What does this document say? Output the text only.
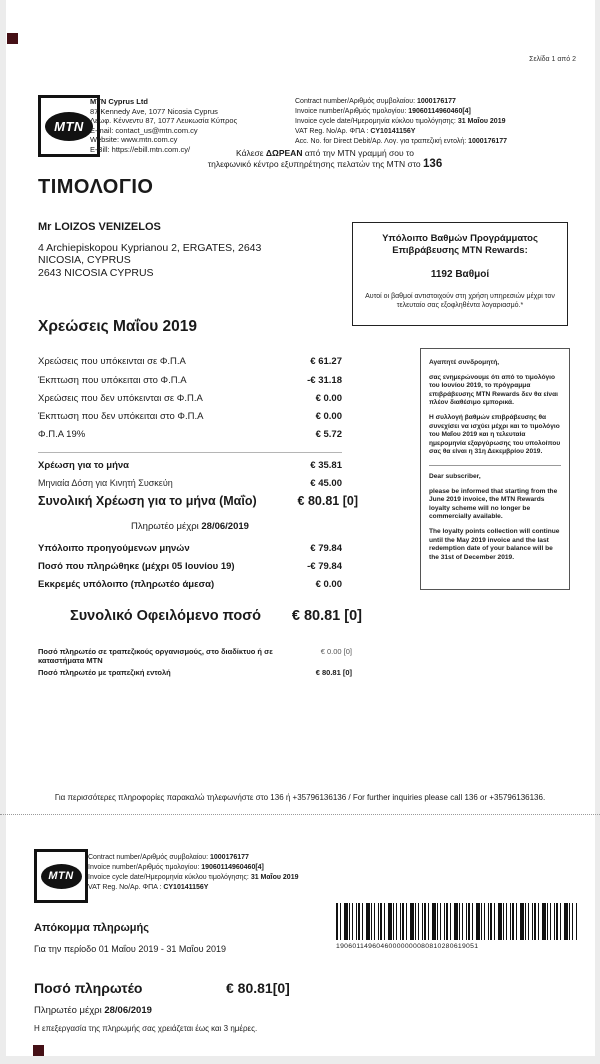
Σελίδα 1 από 2
MTN
MTN Cyprus Ltd
87 Kennedy Ave, 1077 Nicosia Cyprus
Λεωφ. Κέννεντυ 87, 1077 Λευκωσία Κύπρος
E-mail: contact_us@mtn.com.cy
Website: www.mtn.com.cy
E-Bill: https://ebill.mtn.com.cy/
Contract number/Αριθμός συμβολαίου: 1000176177
Invoice number/Αριθμός τιμολογίου: 19060114960460[4]
Invoice cycle date/Ημερομηνία κύκλου τιμολόγησης: 31 Μαΐου 2019
VAT Reg. No/Αρ. ΦΠΑ : CY10141156Y
Acc. No. for Direct Debit/Αρ. Λογ. για τραπεζική εντολή: 1000176177
Κάλεσε ΔΩΡΕΑΝ από την MTN γραμμή σου το
τηλεφωνικό κέντρο εξυπηρέτησης πελατών της MTN στο 136
ΤΙΜΟΛΟΓΙΟ
Mr LOIZOS VENIZELOS
4 Archiepiskopou Kyprianou 2, ERGATES, 2643
NICOSIA, CYPRUS
2643 NICOSIA CYPRUS
Υπόλοιπο Βαθμών Προγράμματος Επιβράβευσης MTN Rewards:
1192 Βαθμοί
Αυτοί οι βαθμοί αντιστοιχούν στη χρήση υπηρεσιών μέχρι τον τελευταίο σας εξοφληθέντα λογαριασμό.*
Χρεώσεις Μαΐου 2019
Χρεώσεις που υπόκεινται σε Φ.Π.Α	€ 61.27
Έκπτωση που υπόκειται στο Φ.Π.Α	-€ 31.18
Χρεώσεις που δεν υπόκεινται σε Φ.Π.Α	€ 0.00
Έκπτωση που δεν υπόκειται στο Φ.Π.Α	€ 0.00
Φ.Π.Α 19%	€ 5.72
Χρέωση για το μήνα	€ 35.81
Μηνιαία Δόση για Κινητή Συσκεύη	€ 45.00
Συνολική Χρέωση για το μήνα (Μαΐο)	€ 80.81 [0]
Πληρωτέο μέχρι 28/06/2019
Υπόλοιπο προηγούμενων μηνών	€ 79.84
Ποσό που πληρώθηκε (μέχρι 05 Ιουνίου 19)	-€ 79.84
Εκκρεμές υπόλοιπο (πληρωτέο άμεσα)	€ 0.00

Αγαπητέ συνδρομητή,

σας ενημερώνουμε ότι από το τιμολόγιο του Ιουνίου 2019, το πρόγραμμα επιβράβευσης MTN Rewards δεν θα είναι πλέον διαθέσιμο εμπορικά.

Η συλλογή βαθμών επιβράβευσης θα συνεχίσει να ισχύει μέχρι και το τιμολόγιο του Μαΐου 2019 και η τελευταία ημερομηνία εξαργύρωσης του υπολοίπου σας θα είναι η 31η Δεκεμβρίου 2019.

Dear subscriber,

please be informed that starting from the June 2019 invoice, the MTN Rewards loyalty scheme will no longer be commercially available.

The loyalty points collection will continue until the May 2019 invoice and the last redemption date of your balance will be the 31st of December 2019.

Συνολικό Οφειλόμενο ποσό € 80.81 [0]
Ποσό πληρωτέο σε τραπεζικούς οργανισμούς, στο διαδίκτυο ή σε καταστήματα MTN
€ 0.00 [0]
Ποσό πληρωτέο με τραπεζική εντολή	€ 80.81 [0]
Για περισσότερες πληροφορίες παρακαλώ τηλεφωνήστε στο 136 ή +35796136136 / For further inquiries please call 136 or +35796136136.
MTN
Contract number/Αριθμός συμβολαίου: 1000176177
Invoice number/Αριθμός τιμολογίου: 19060114960460[4]
Invoice cycle date/Ημερομηνία κύκλου τιμολόγησης: 31 Μαΐου 2019
VAT Reg. No/Αρ. ΦΠΑ : CY10141156Y
19060114960460000000080810280619051
Απόκομμα πληρωμής
Για την περίοδο 01 Μαΐου 2019 - 31 Μαΐου 2019
Ποσό πληρωτέο	€ 80.81[0]
Πληρωτέο μέχρι 28/06/2019
Η επεξεργασία της πληρωμής σας χρειάζεται έως και 3 ημέρες.
